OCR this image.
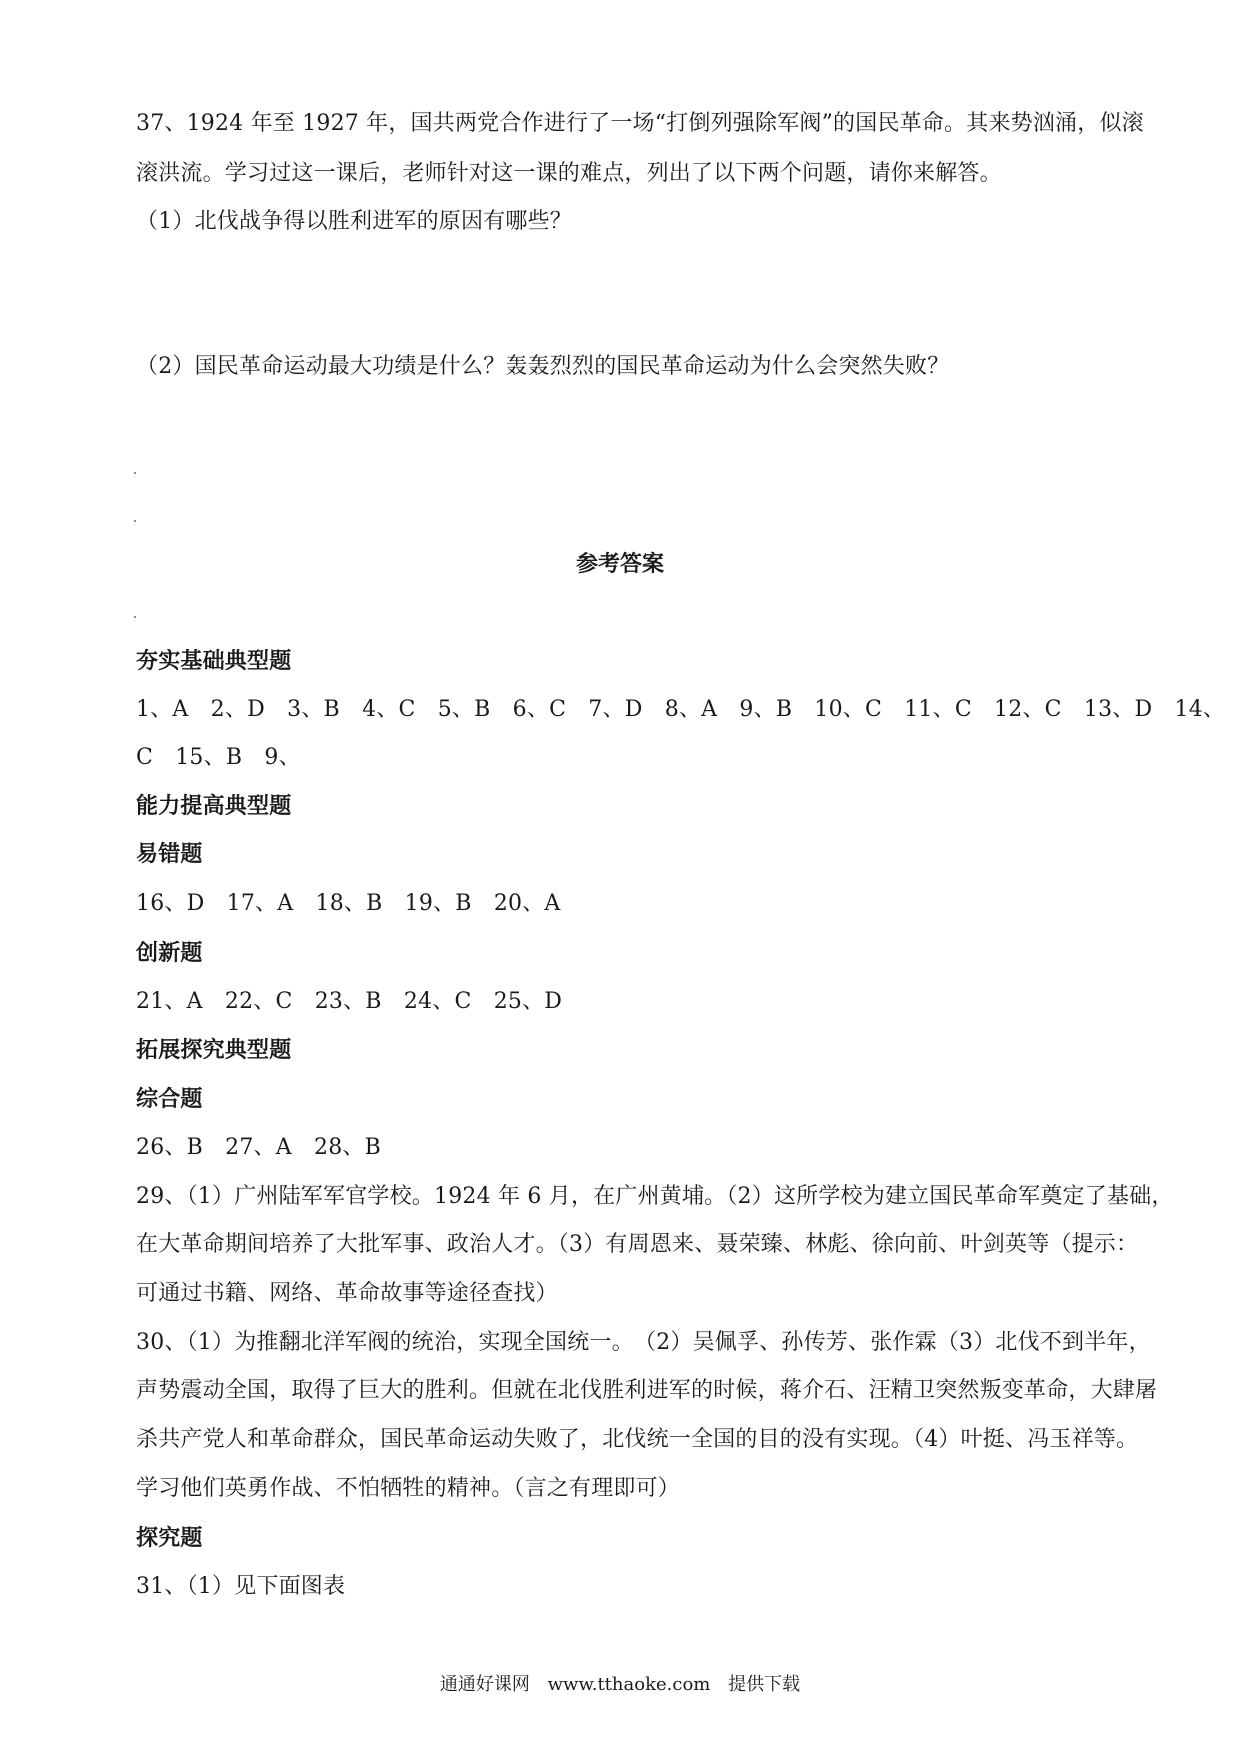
37、1924 年至 1927 年，国共两党合作进行了一场“打倒列强除军阀”的国民革命。其来势汹涌，似滚
滚洪流。学习过这一课后，老师针对这一课的难点，列出了以下两个问题，请你来解答。
（1）北伐战争得以胜利进军的原因有哪些？
（2）国民革命运动最大功绩是什么？轰轰烈烈的国民革命运动为什么会突然失败？
参考答案
夯实基础典型题
1、A　2、D　3、B　4、C　5、B　6、C　7、D　8、A　9、B　10、C　11、C　12、C　13、D　14、
C　15、B　9、
能力提高典型题
易错题
16、D　17、A　18、B　19、B　20、A
创新题
21、A　22、C　23、B　24、C　25、D
拓展探究典型题
综合题
26、B　27、A　28、B
29、（1）广州陆军军官学校。1924 年 6 月，在广州黄埔。（2）这所学校为建立国民革命军奠定了基础，
在大革命期间培养了大批军事、政治人才。（3）有周恩来、聂荣臻、林彪、徐向前、叶剑英等（提示：
可通过书籍、网络、革命故事等途径查找）
30、（1）为推翻北洋军阀的统治，实现全国统一。　（2）吴佩孚、孙传芳、张作霖（3）北伐不到半年，
声势震动全国，取得了巨大的胜利。但就在北伐胜利进军的时候，蒋介石、汪精卫突然叛变革命，大肆屠
杀共产党人和革命群众，国民革命运动失败了，北伐统一全国的目的没有实现。（4）叶挺、冯玉祥等。
学习他们英勇作战、不怕牺牲的精神。（言之有理即可）
探究题
31、（1）见下面图表
通通好课网 www.tthaoke.com 提供下载
